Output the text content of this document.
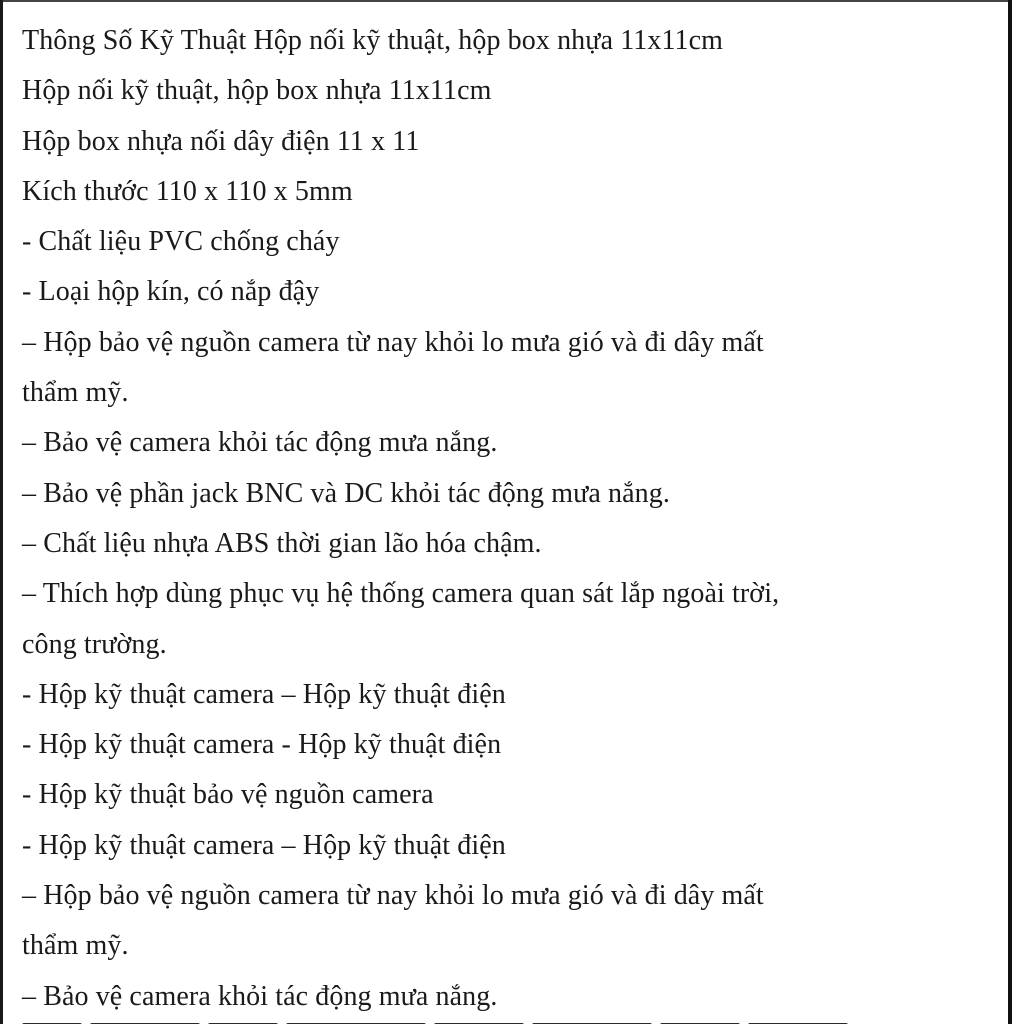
Thông Số Kỹ Thuật Hộp nối kỹ thuật, hộp box nhựa 11x11cm
Hộp nối kỹ thuật, hộp box nhựa 11x11cm
Hộp box nhựa nối dây điện 11 x 11
Kích thước 110 x 110 x 5mm
- Chất liệu PVC chống cháy
- Loại hộp kín, có nắp đậy
– Hộp bảo vệ nguồn camera từ nay khỏi lo mưa gió và đi dây mất
thẩm mỹ.
– Bảo vệ camera khỏi tác động mưa nắng.
– Bảo vệ phần jack BNC và DC khỏi tác động mưa nắng.
– Chất liệu nhựa ABS thời gian lão hóa chậm.
– Thích hợp dùng phục vụ hệ thống camera quan sát lắp ngoài trời,
công trường.
- Hộp kỹ thuật camera – Hộp kỹ thuật điện
- Hộp kỹ thuật camera - Hộp kỹ thuật điện
- Hộp kỹ thuật bảo vệ nguồn camera
- Hộp kỹ thuật camera – Hộp kỹ thuật điện
– Hộp bảo vệ nguồn camera từ nay khỏi lo mưa gió và đi dây mất
thẩm mỹ.
– Bảo vệ camera khỏi tác động mưa nắng.
